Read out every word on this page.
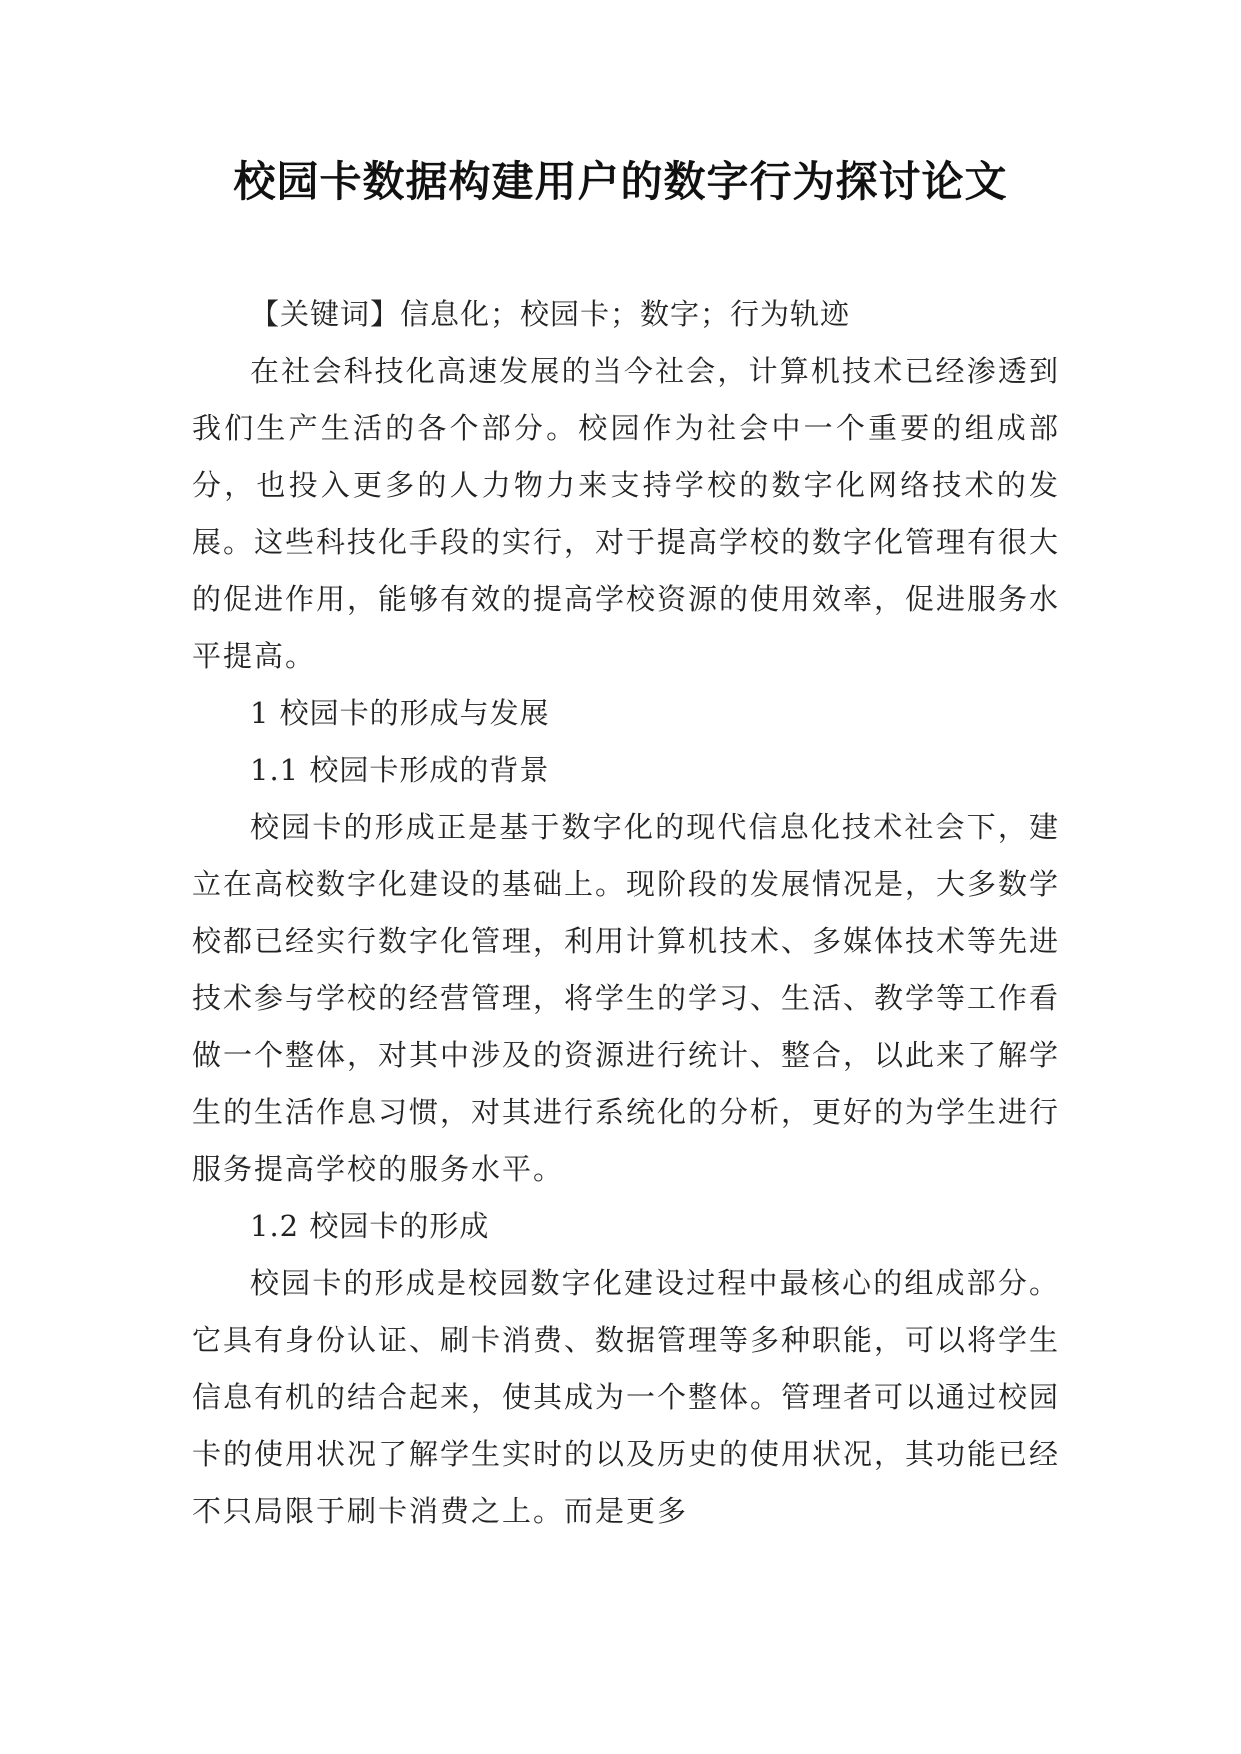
校园卡数据构建用户的数字行为探讨论文

【关键词】信息化；校园卡；数字；行为轨迹

在社会科技化高速发展的当今社会，计算机技术已经渗透到我们生产生活的各个部分。校园作为社会中一个重要的组成部分，也投入更多的人力物力来支持学校的数字化网络技术的发展。这些科技化手段的实行，对于提高学校的数字化管理有很大的促进作用，能够有效的提高学校资源的使用效率，促进服务水平提高。

1 校园卡的形成与发展

1.1 校园卡形成的背景

校园卡的形成正是基于数字化的现代信息化技术社会下，建立在高校数字化建设的基础上。现阶段的发展情况是，大多数学校都已经实行数字化管理，利用计算机技术、多媒体技术等先进技术参与学校的经营管理，将学生的学习、生活、教学等工作看做一个整体，对其中涉及的资源进行统计、整合，以此来了解学生的生活作息习惯，对其进行系统化的分析，更好的为学生进行服务提高学校的服务水平。

1.2 校园卡的形成

校园卡的形成是校园数字化建设过程中最核心的组成部分。它具有身份认证、刷卡消费、数据管理等多种职能，可以将学生信息有机的结合起来，使其成为一个整体。管理者可以通过校园卡的使用状况了解学生实时的以及历史的使用状况，其功能已经不只局限于刷卡消费之上。而是更多
